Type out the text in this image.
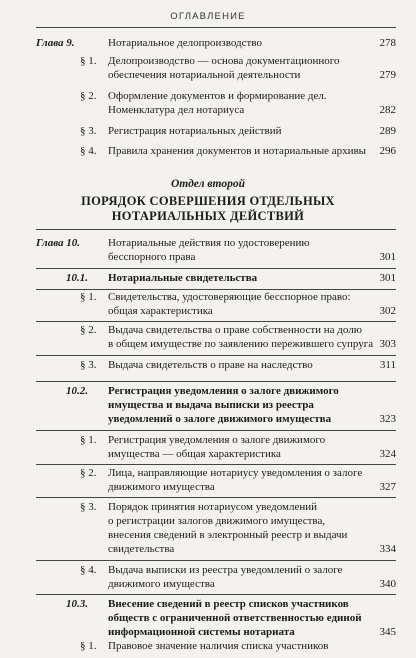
ОГЛАВЛЕНИЕ
Глава 9.	Нотариальное делопроизводство	278
§ 1. Делопроизводство — основа документационного
обеспечения нотариальной деятельности	279
§ 2. Оформление документов и формирование дел.
Номенклатура дел нотариуса	282
§ 3. Регистрация нотариальных действий	289
§ 4. Правила хранения документов и нотариальные архивы	296
Отдел второй
ПОРЯДОК СОВЕРШЕНИЯ ОТДЕЛЬНЫХ
НОТАРИАЛЬНЫХ ДЕЙСТВИЙ
Глава 10.	Нотариальные действия по удостоверению
бесспорного права	301
10.1. Нотариальные свидетельства	301
§ 1. Свидетельства, удостоверяющие бесспорное право:
общая характеристика	302
§ 2. Выдача свидетельства о праве собственности на долю
в общем имуществе по заявлению пережившего супруга 303
§ 3. Выдача свидетельств о праве на наследство	311
10.2. Регистрация уведомления о залоге движимого
имущества и выдача выписки из реестра
уведомлений о залоге движимого имущества	323
§ 1. Регистрация уведомления о залоге движимого
имущества — общая характеристика	324
§ 2. Лица, направляющие нотариусу уведомления о залоге
движимого имущества	327
§ 3. Порядок принятия нотариусом уведомлений
о регистрации залогов движимого имущества,
внесения сведений в электронный реестр и выдачи
свидетельства	334
§ 4. Выдача выписки из реестра уведомлений о залоге
движимого имущества	340
10.3. Внесение сведений в реестр списков участников
обществ с ограниченной ответственностью единой
информационной системы нотариата	345
§ 1. Правовое значение наличия списка участников
